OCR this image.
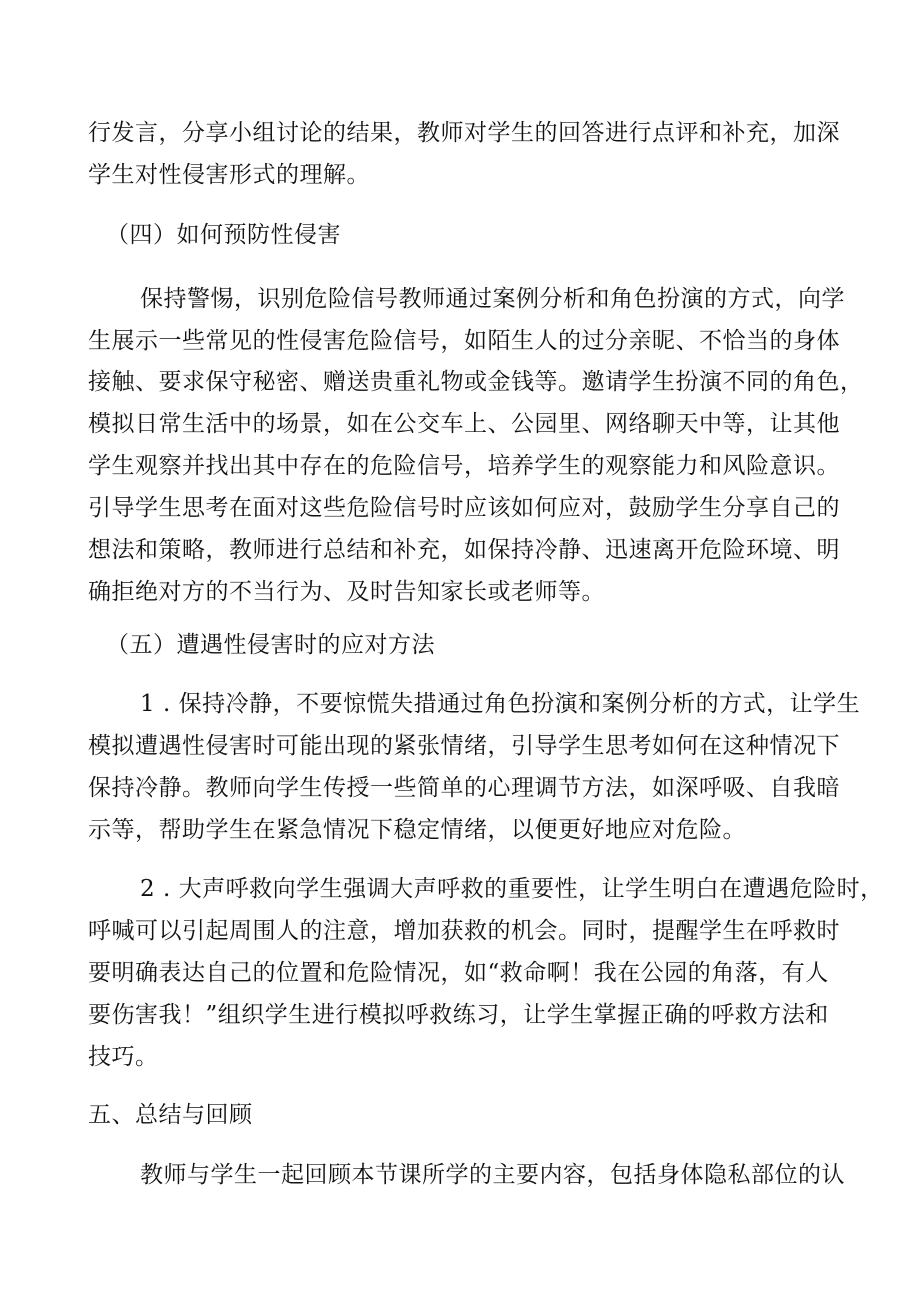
行发言，分享小组讨论的结果，教师对学生的回答进行点评和补充，加深
学生对性侵害形式的理解。
（四）如何预防性侵害
保持警惕，识别危险信号教师通过案例分析和角色扮演的方式，向学
生展示一些常见的性侵害危险信号，如陌生人的过分亲昵、不恰当的身体
接触、要求保守秘密、赠送贵重礼物或金钱等。邀请学生扮演不同的角色，
模拟日常生活中的场景，如在公交车上、公园里、网络聊天中等，让其他
学生观察并找出其中存在的危险信号，培养学生的观察能力和风险意识。
引导学生思考在面对这些危险信号时应该如何应对，鼓励学生分享自己的
想法和策略，教师进行总结和补充，如保持冷静、迅速离开危险环境、明
确拒绝对方的不当行为、及时告知家长或老师等。
（五）遭遇性侵害时的应对方法
1 . 保持冷静，不要惊慌失措通过角色扮演和案例分析的方式，让学生
模拟遭遇性侵害时可能出现的紧张情绪，引导学生思考如何在这种情况下
保持冷静。教师向学生传授一些简单的心理调节方法，如深呼吸、自我暗
示等，帮助学生在紧急情况下稳定情绪，以便更好地应对危险。
2 . 大声呼救向学生强调大声呼救的重要性，让学生明白在遭遇危险时，
呼喊可以引起周围人的注意，增加获救的机会。同时，提醒学生在呼救时
要明确表达自己的位置和危险情况，如“救命啊！我在公园的角落，有人
要伤害我！”组织学生进行模拟呼救练习，让学生掌握正确的呼救方法和
技巧。
五、总结与回顾
教师与学生一起回顾本节课所学的主要内容，包括身体隐私部位的认
